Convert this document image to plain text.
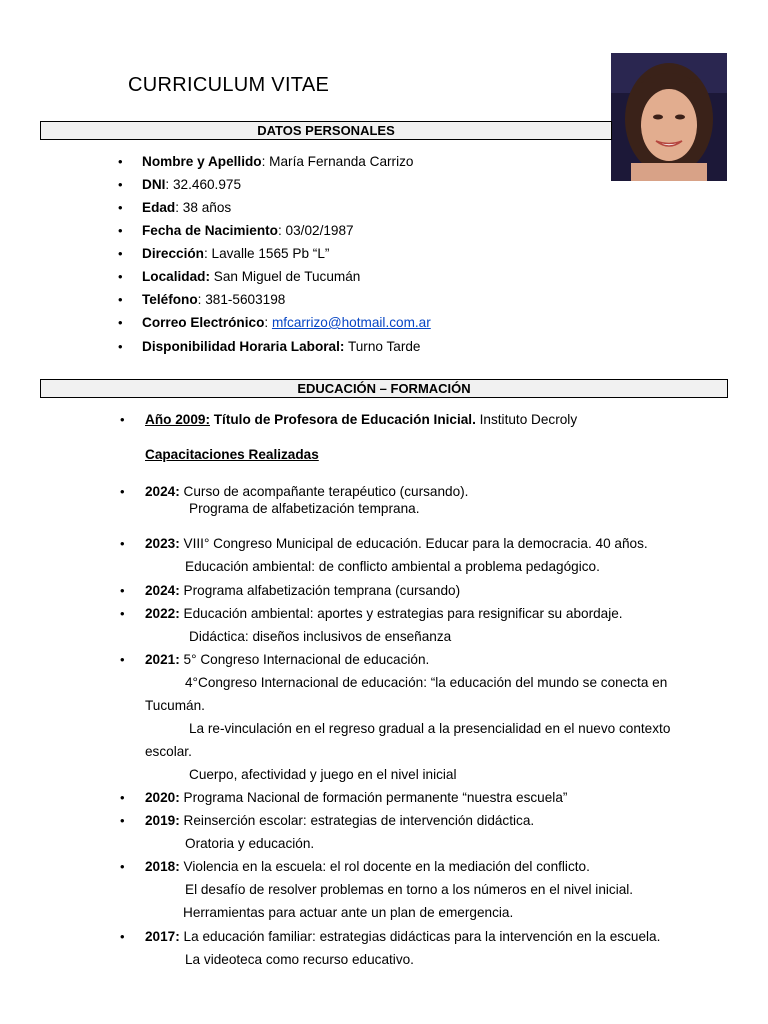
CURRICULUM VITAE
DATOS PERSONALES
• Nombre y Apellido: María Fernanda Carrizo
• DNI: 32.460.975
• Edad: 38 años
• Fecha de Nacimiento: 03/02/1987
• Dirección: Lavalle 1565 Pb “L”
• Localidad: San Miguel de Tucumán
• Teléfono: 381-5603198
• Correo Electrónico: mfcarrizo@hotmail.com.ar
• Disponibilidad Horaria Laboral: Turno Tarde
EDUCACIÓN – FORMACIÓN
• Año 2009: Título de Profesora de Educación Inicial. Instituto Decroly
Capacitaciones Realizadas
• 2024: Curso de acompañante terapéutico (cursando).
Programa de alfabetización temprana.
• 2023: VIII° Congreso Municipal de educación. Educar para la democracia. 40 años.
Educación ambiental: de conflicto ambiental a problema pedagógico.
• 2024: Programa alfabetización temprana (cursando)
• 2022: Educación ambiental: aportes y estrategias para resignificar su abordaje.
Didáctica: diseños inclusivos de enseñanza
• 2021: 5° Congreso Internacional de educación.
4°Congreso Internacional de educación: “la educación del mundo se conecta en
Tucumán.
La re-vinculación en el regreso gradual a la presencialidad en el nuevo contexto
escolar.
Cuerpo, afectividad y juego en el nivel inicial
• 2020: Programa Nacional de formación permanente “nuestra escuela”
• 2019: Reinserción escolar: estrategias de intervención didáctica.
Oratoria y educación.
• 2018: Violencia en la escuela: el rol docente en la mediación del conflicto.
El desafío de resolver problemas en torno a los números en el nivel inicial.
Herramientas para actuar ante un plan de emergencia.
• 2017: La educación familiar: estrategias didácticas para la intervención en la escuela.
La videoteca como recurso educativo.
